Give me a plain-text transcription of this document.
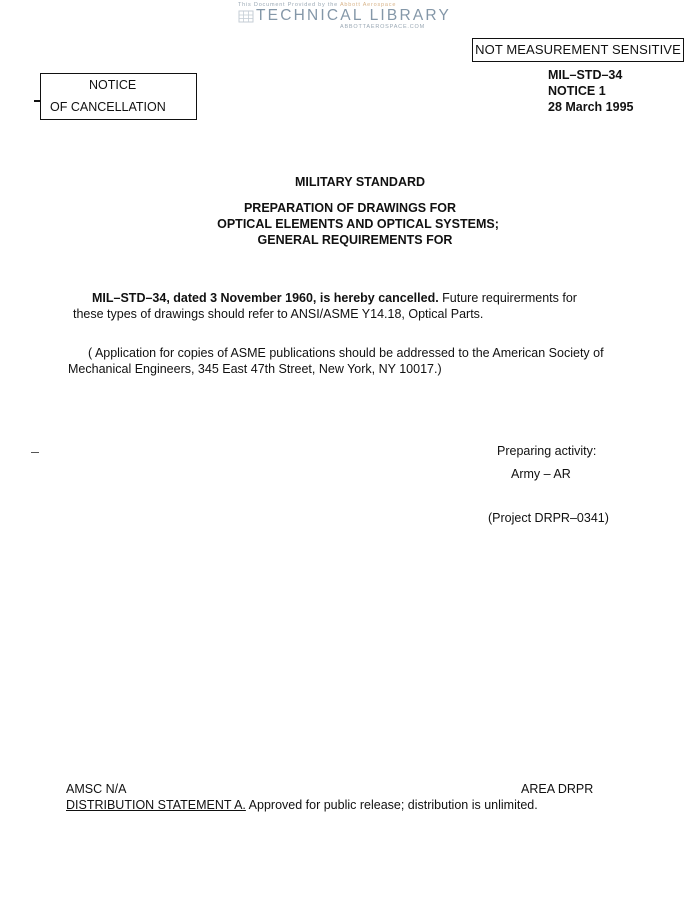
This Document Provided by the Abbott Aerospace
TECHNICAL LIBRARY
ABBOTTAEROSPACE.COM
NOT MEASUREMENT SENSITIVE
NOTICE
OF CANCELLATION
MIL–STD–34
NOTICE 1
28 March 1995
MILITARY STANDARD
PREPARATION OF DRAWINGS FOR
OPTICAL ELEMENTS AND OPTICAL SYSTEMS;
GENERAL REQUIREMENTS FOR
MIL–STD–34, dated 3 November 1960, is hereby cancelled. Future requirerments for
these types of drawings should refer to ANSI/ASME Y14.18, Optical Parts.
( Application for copies of ASME publications should be addressed to the American Society of
Mechanical Engineers, 345 East 47th Street, New York, NY 10017.)
Preparing activity:
Army – AR
(Project DRPR–0341)
AMSC N/A	AREA DRPR
DISTRIBUTION STATEMENT A. Approved for public release; distribution is unlimited.
